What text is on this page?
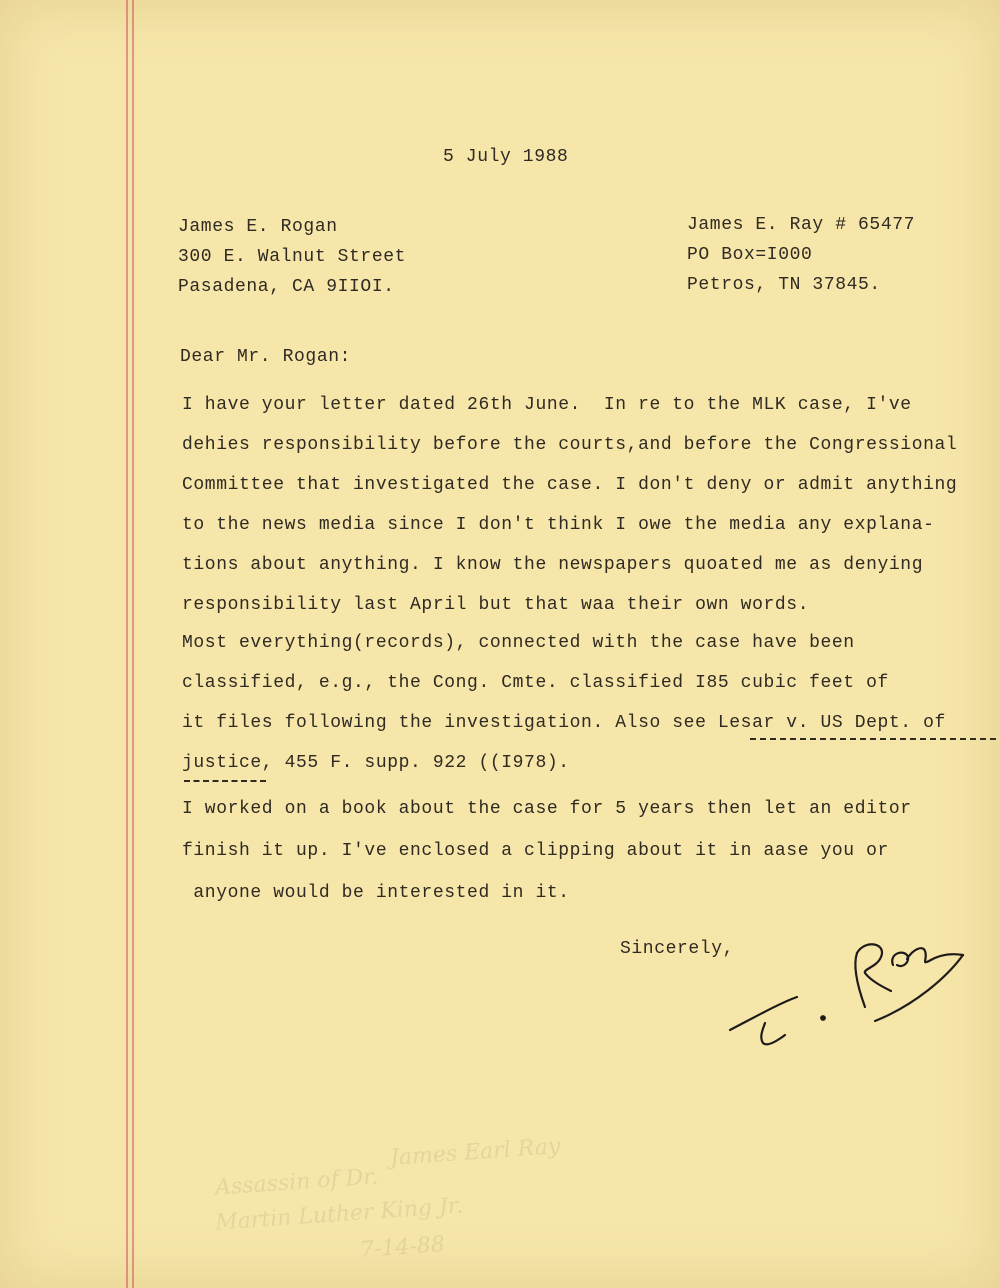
James Earl Ray
Assassin of Dr.
Martin Luther King Jr.
7-14-88
5 July 1988
James E. Rogan
300 E. Walnut Street
Pasadena, CA 9IIOI.
James E. Ray # 65477
PO Box=I000
Petros, TN 37845.
Dear Mr. Rogan:
I have your letter dated 26th June.  In re to the MLK case, I've
dehies responsibility before the courts,and before the Congressional
Committee that investigated the case. I don't deny or admit anything
to the news media since I don't think I owe the media any explana-
tions about anything. I know the newspapers quoated me as denying
responsibility last April but that waa their own words.
Most everything(records), connected with the case have been
classified, e.g., the Cong. Cmte. classified I85 cubic feet of
it files following the investigation. Also see Lesar v. US Dept. of
justice, 455 F. supp. 922 ((I978).
I worked on a book about the case for 5 years then let an editor
finish it up. I've enclosed a clipping about it in aase you or
anyone would be interested in it.
Sincerely,
